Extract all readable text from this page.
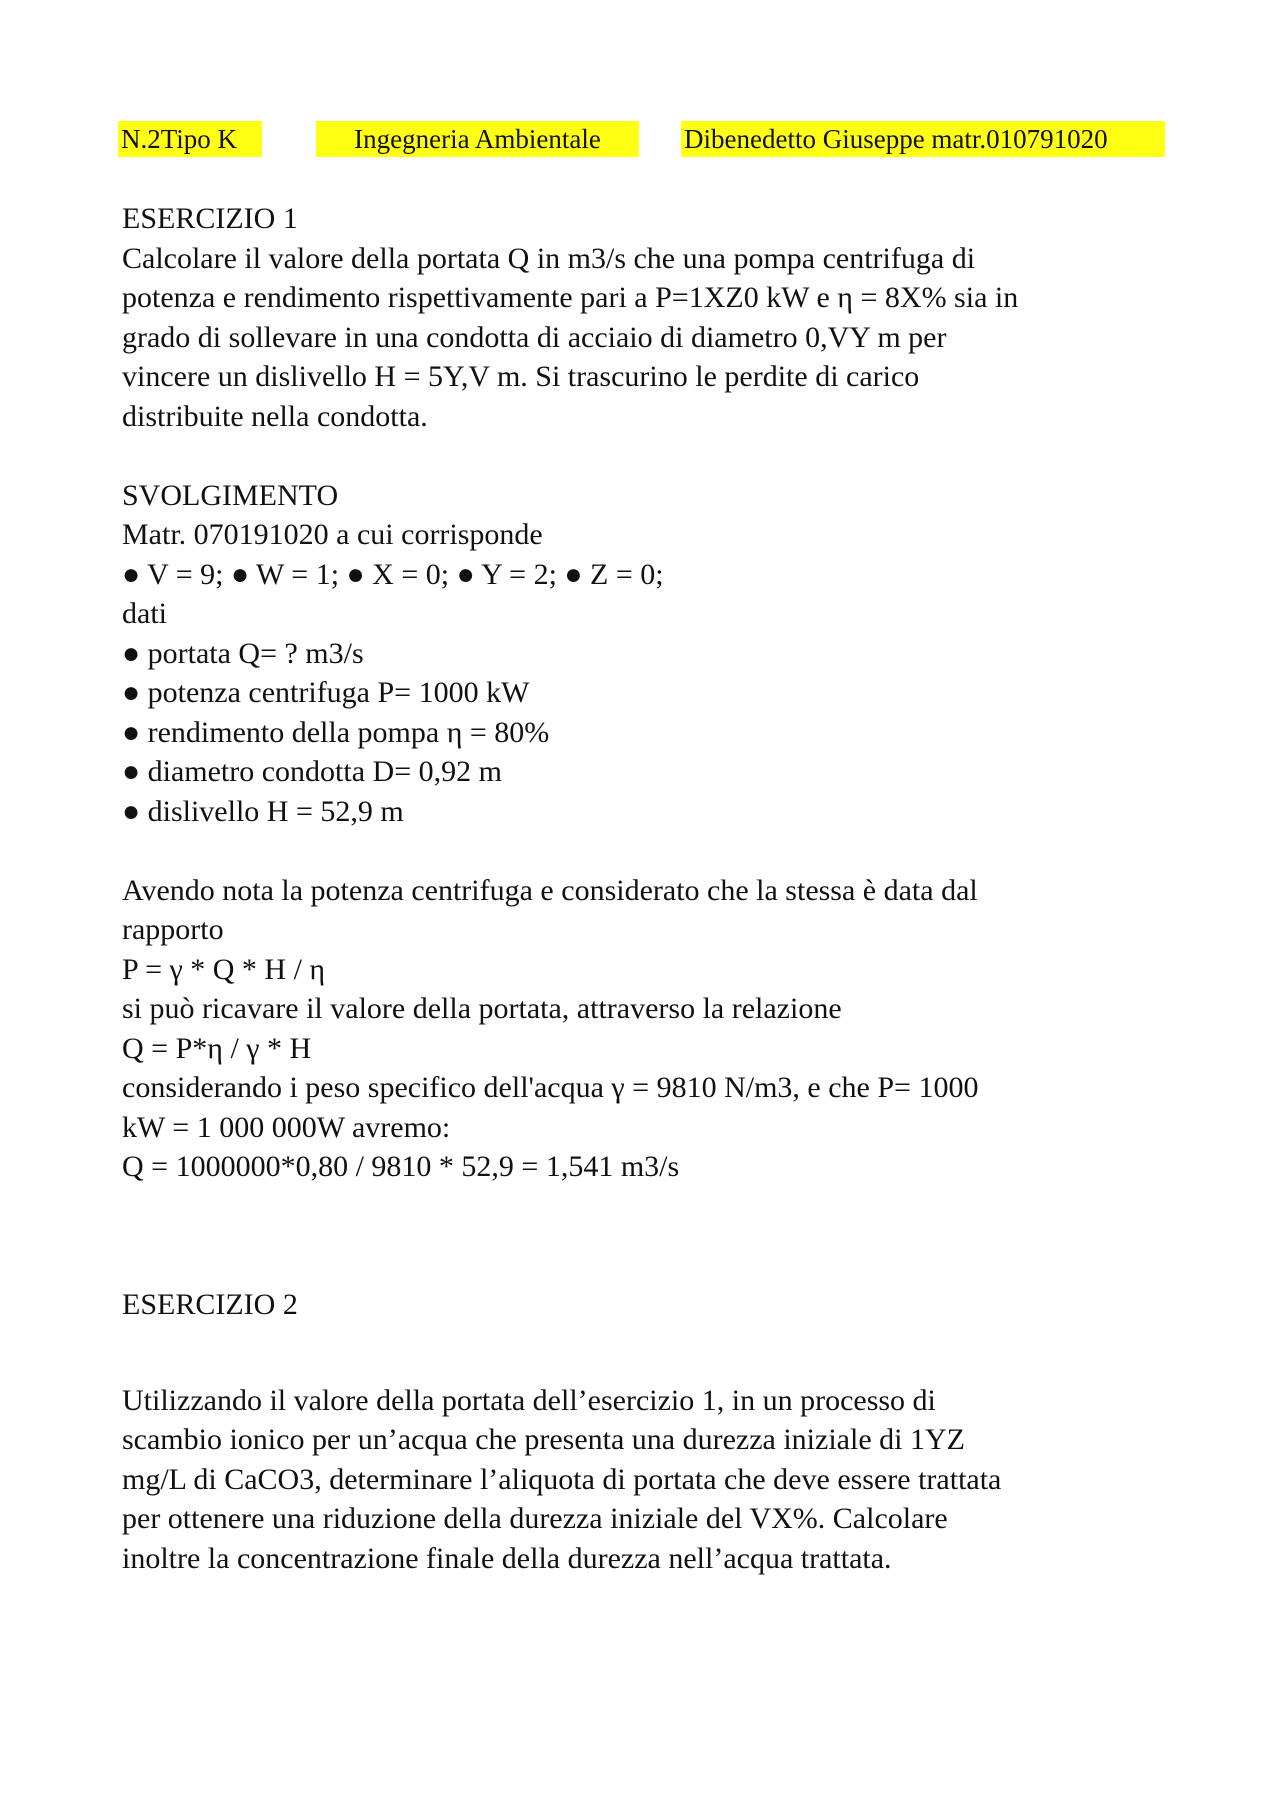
N.2Tipo K	Ingegneria Ambientale	Dibenedetto Giuseppe matr.010791020
ESERCIZIO 1
Calcolare il valore della portata Q in m3/s che una pompa centrifuga di
potenza e rendimento rispettivamente pari a P=1XZ0 kW e η = 8X% sia in
grado di sollevare in una condotta di acciaio di diametro 0,VY m per
vincere un dislivello H = 5Y,V m. Si trascurino le perdite di carico
distribuite nella condotta.
SVOLGIMENTO
Matr. 070191020 a cui corrisponde
● V = 9; ● W = 1; ● X = 0; ● Y = 2; ● Z = 0;
dati
● portata Q= ? m3/s
● potenza centrifuga P= 1000 kW
● rendimento della pompa η = 80%
● diametro condotta D= 0,92 m
● dislivello H = 52,9 m
Avendo nota la potenza centrifuga e considerato che la stessa è data dal
rapporto
P = γ * Q * H / η
si può ricavare il valore della portata, attraverso la relazione
Q = P*η / γ * H
considerando i peso specifico dell'acqua γ = 9810 N/m3, e che P= 1000
kW = 1 000 000W avremo:
Q = 1000000*0,80 / 9810 * 52,9 = 1,541 m3/s
ESERCIZIO 2
Utilizzando il valore della portata dell’esercizio 1, in un processo di
scambio ionico per un’acqua che presenta una durezza iniziale di 1YZ
mg/L di CaCO3, determinare l’aliquota di portata che deve essere trattata
per ottenere una riduzione della durezza iniziale del VX%. Calcolare
inoltre la concentrazione finale della durezza nell’acqua trattata.
